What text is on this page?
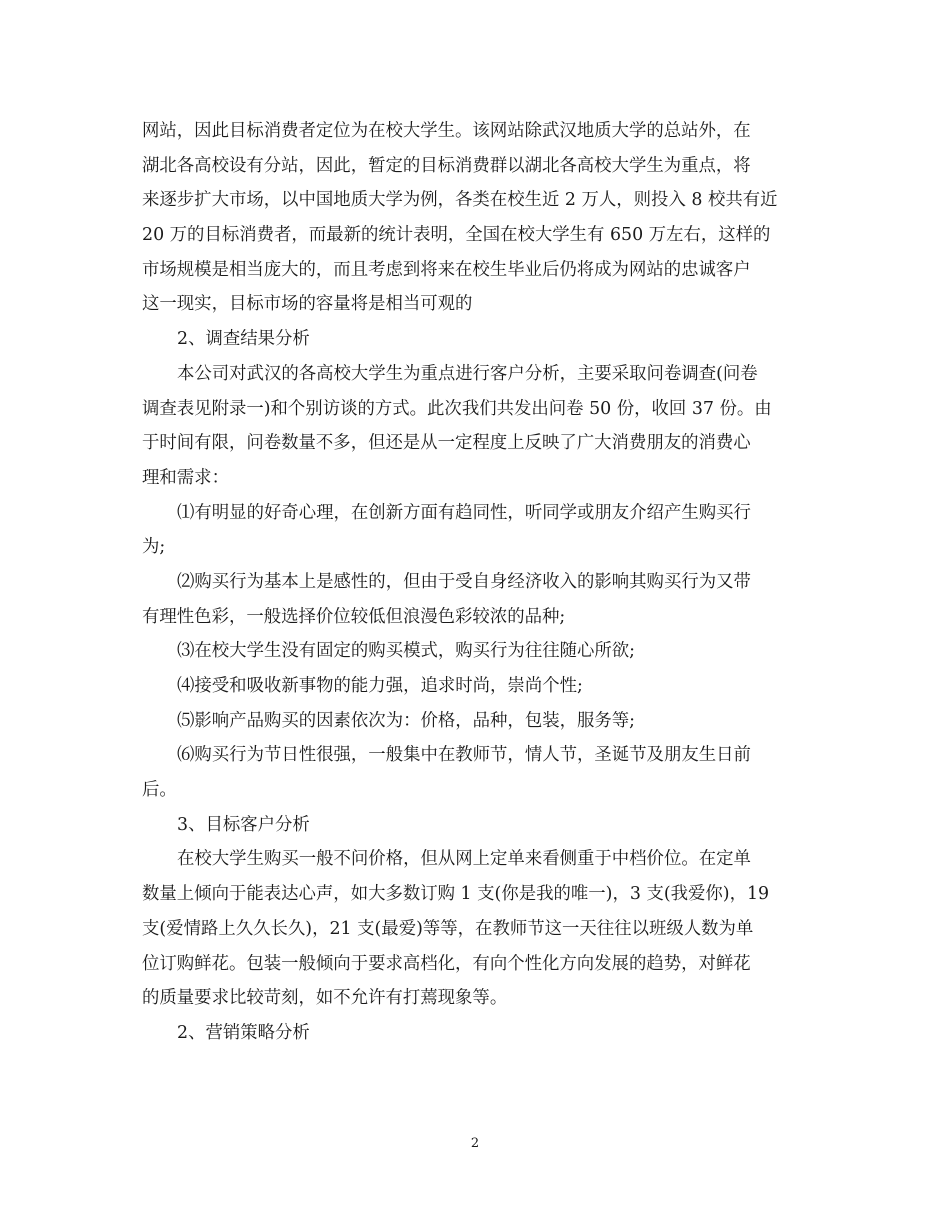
网站，因此目标消费者定位为在校大学生。该网站除武汉地质大学的总站外，在
湖北各高校设有分站，因此，暂定的目标消费群以湖北各高校大学生为重点，将
来逐步扩大市场，以中国地质大学为例，各类在校生近 2 万人，则投入 8 校共有近
20 万的目标消费者，而最新的统计表明，全国在校大学生有 650 万左右，这样的
市场规模是相当庞大的，而且考虑到将来在校生毕业后仍将成为网站的忠诚客户
这一现实，目标市场的容量将是相当可观的
2、调查结果分析
本公司对武汉的各高校大学生为重点进行客户分析，主要采取问卷调查(问卷
调查表见附录一)和个别访谈的方式。此次我们共发出问卷 50 份，收回 37 份。由
于时间有限，问卷数量不多，但还是从一定程度上反映了广大消费朋友的消费心
理和需求：
⑴有明显的好奇心理，在创新方面有趋同性，听同学或朋友介绍产生购买行
为;
⑵购买行为基本上是感性的，但由于受自身经济收入的影响其购买行为又带
有理性色彩，一般选择价位较低但浪漫色彩较浓的品种;
⑶在校大学生没有固定的购买模式，购买行为往往随心所欲;
⑷接受和吸收新事物的能力强，追求时尚，崇尚个性;
⑸影响产品购买的因素依次为：价格，品种，包装，服务等;
⑹购买行为节日性很强，一般集中在教师节，情人节，圣诞节及朋友生日前
后。
3、目标客户分析
在校大学生购买一般不问价格，但从网上定单来看侧重于中档价位。在定单
数量上倾向于能表达心声，如大多数订购 1 支(你是我的唯一)，3 支(我爱你)，19
支(爱情路上久久长久)，21 支(最爱)等等，在教师节这一天往往以班级人数为单
位订购鲜花。包装一般倾向于要求高档化，有向个性化方向发展的趋势，对鲜花
的质量要求比较苛刻，如不允许有打蔫现象等。
2、营销策略分析
2
